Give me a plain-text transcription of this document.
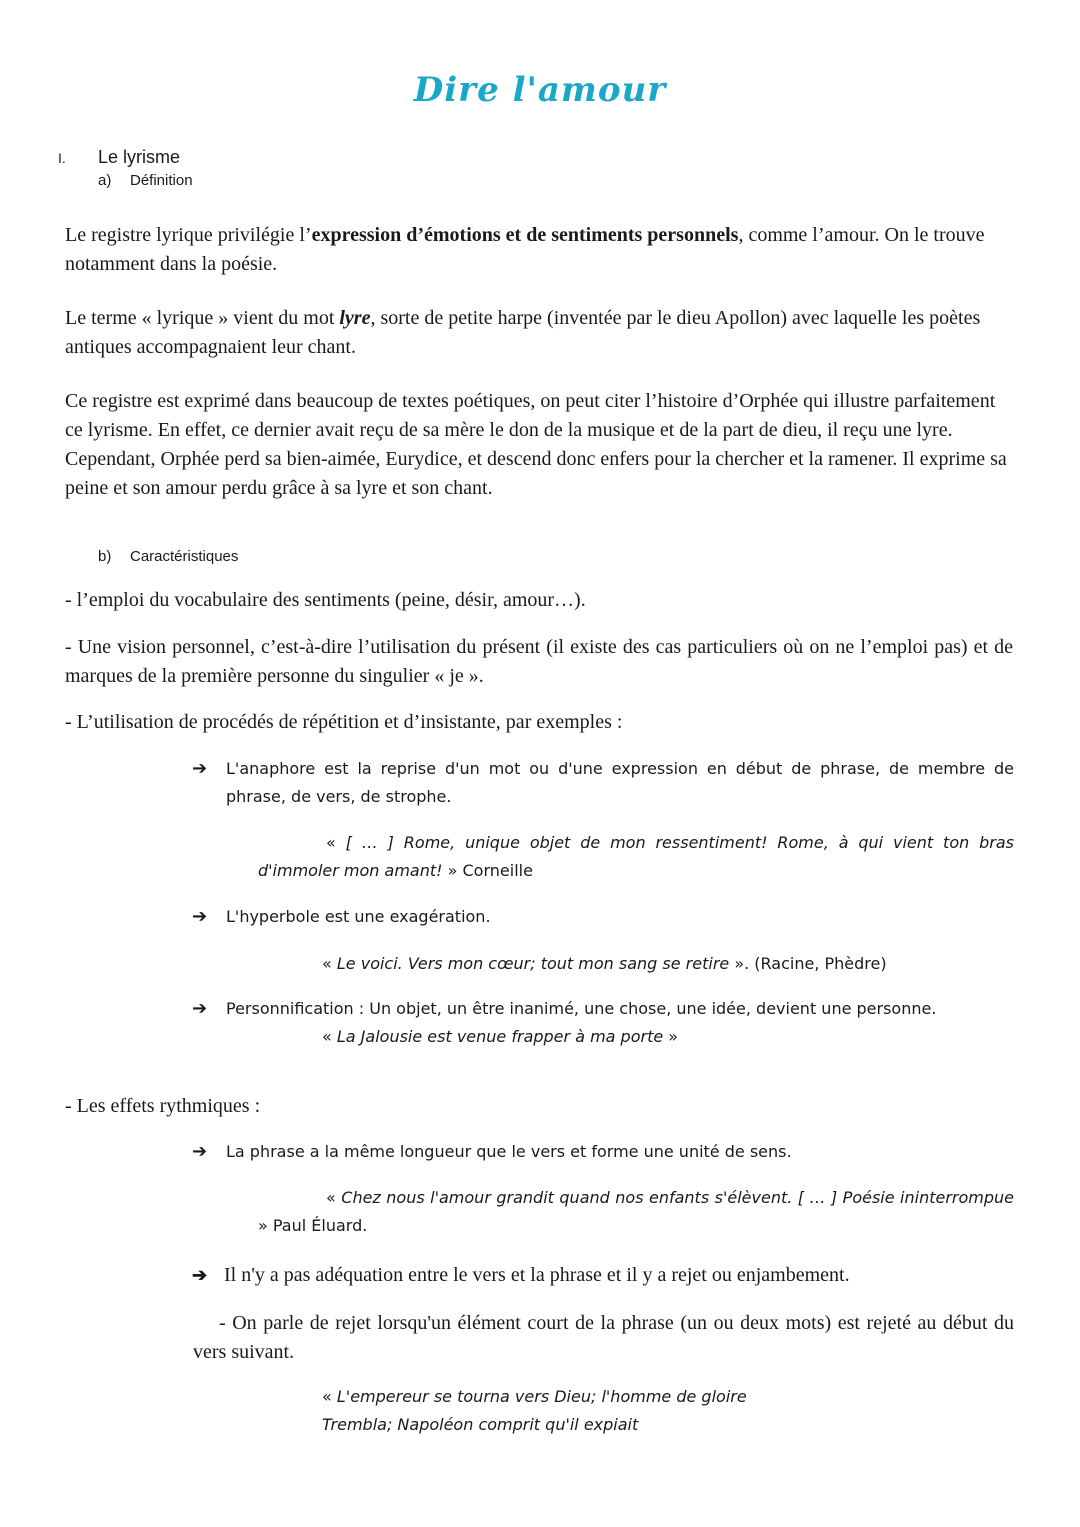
Dire l'amour
I. Le lyrisme
a) Définition

Le registre lyrique privilégie l’expression d’émotions et de sentiments personnels, comme l’amour. On le trouve notamment dans la poésie.

Le terme « lyrique » vient du mot lyre, sorte de petite harpe (inventée par le dieu Apollon) avec laquelle les poètes antiques accompagnaient leur chant.

Ce registre est exprimé dans beaucoup de textes poétiques, on peut citer l’histoire d’Orphée qui illustre parfaitement ce lyrisme. En effet, ce dernier avait reçu de sa mère le don de la musique et de la part de dieu, il reçu une lyre. Cependant, Orphée perd sa bien-aimée, Eurydice, et descend donc enfers pour la chercher et la ramener. Il exprime sa peine et son amour perdu grâce à sa lyre et son chant.

b) Caractéristiques

- l’emploi du vocabulaire des sentiments (peine, désir, amour…).

- Une vision personnel, c’est-à-dire l’utilisation du présent (il existe des cas particuliers où on ne l’emploi pas) et de marques de la première personne du singulier « je ».

- L’utilisation de procédés de répétition et d’insistante, par exemples :

➔	L'anaphore est la reprise d'un mot ou d'une expression en début de phrase, de membre de phrase, de vers, de strophe.
« [ … ] Rome, unique objet de mon ressentiment! Rome, à qui vient ton bras d'immoler mon amant! » Corneille
➔	L'hyperbole est une exagération.
« Le voici. Vers mon cœur; tout mon sang se retire ». (Racine, Phèdre)
➔	Personnification : Un objet, un être inanimé, une chose, une idée, devient une personne.
« La Jalousie est venue frapper à ma porte »

- Les effets rythmiques :

➔	La phrase a la même longueur que le vers et forme une unité de sens.
« Chez nous l'amour grandit quand nos enfants s'élèvent. [ … ] Poésie ininterrompue » Paul Éluard.
➔ Il n'y a pas adéquation entre le vers et la phrase et il y a rejet ou enjambement.

- On parle de rejet lorsqu'un élément court de la phrase (un ou deux mots) est rejeté au début du vers suivant.

« L'empereur se tourna vers Dieu; l'homme de gloire
Trembla; Napoléon comprit qu'il expiait
